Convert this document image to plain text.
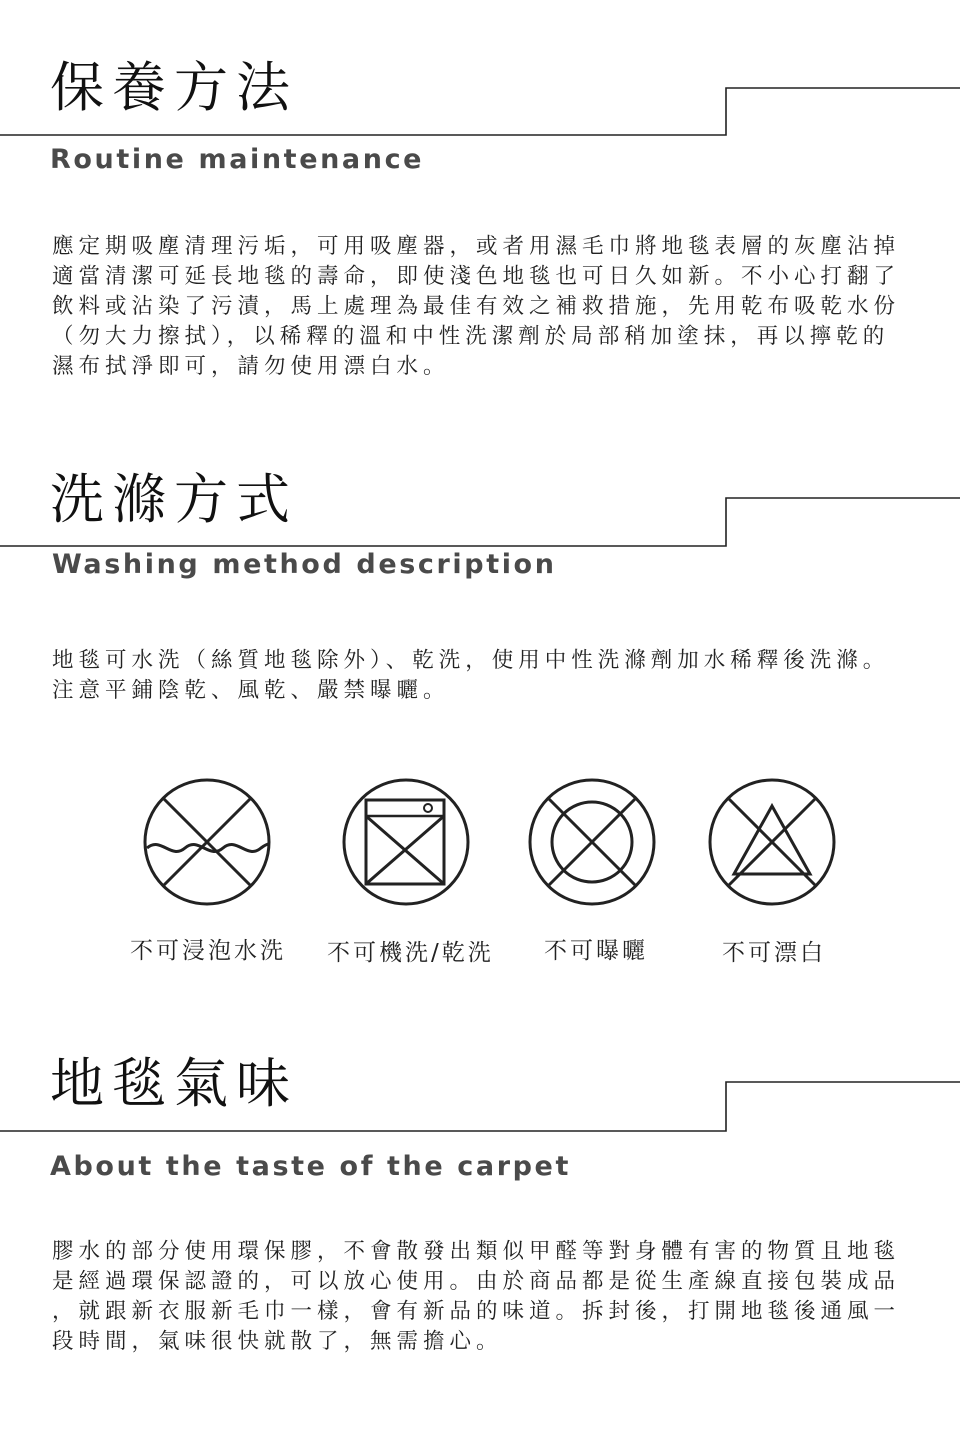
保養方法
Routine maintenance

應定期吸塵清理污垢，可用吸塵器，或者用濕毛巾將地毯表層的灰塵沾掉

適當清潔可延長地毯的壽命，即使淺色地毯也可日久如新。不小心打翻了

飲料或沾染了污漬，馬上處理為最佳有效之補救措施，先用乾布吸乾水份

（勿大力擦拭），以稀釋的溫和中性洗潔劑於局部稍加塗抹，再以擰乾的

濕布拭淨即可，請勿使用漂白水。

洗滌方式
Washing method description

地毯可水洗（絲質地毯除外）、乾洗，使用中性洗滌劑加水稀釋後洗滌。

注意平鋪陰乾、風乾、嚴禁曝曬。

不可浸泡水洗 不可機洗/乾洗 不可曝曬	不可漂白
地毯氣味
About the taste of the carpet

膠水的部分使用環保膠，不會散發出類似甲醛等對身體有害的物質且地毯

是經過環保認證的，可以放心使用。由於商品都是從生產線直接包裝成品

，就跟新衣服新毛巾一樣，會有新品的味道。拆封後，打開地毯後通風一

段時間，氣味很快就散了，無需擔心。
